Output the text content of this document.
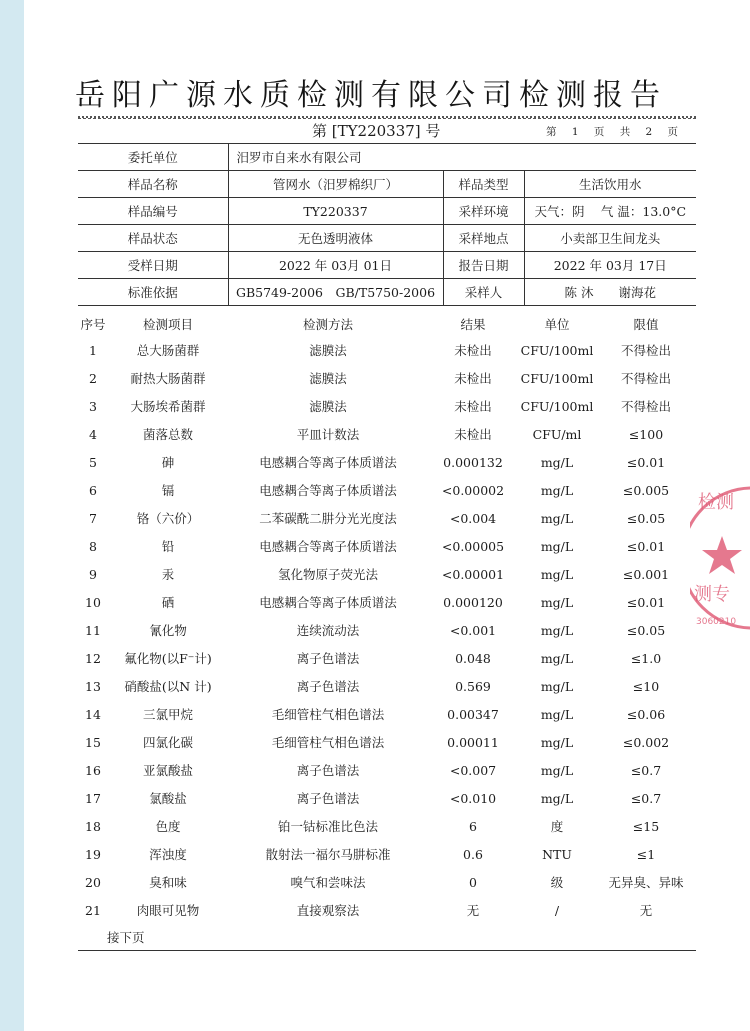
岳阳广源水质检测有限公司检测报告
第 [TY220337] 号	第 1 页 共 2 页
委托单位	汨罗市自来水有限公司		
样品名称	管网水（汨罗棉织厂）	样品类型	生活饮用水
样品编号	TY220337	采样环境	天气：阴　 气 温：13.0°C
样品状态	无色透明液体	采样地点	小卖部卫生间龙头
受样日期	2022 年 03月 01日	报告日期	2022 年 03月 17日
标准依据	GB5749-2006　GB/T5750-2006	采样人	陈 沐　　谢海花
序号	检测项目	检测方法	结果	单位	限值
1	总大肠菌群	滤膜法	未检出	CFU/100ml	不得检出
2	耐热大肠菌群	滤膜法	未检出	CFU/100ml	不得检出
3	大肠埃希菌群	滤膜法	未检出	CFU/100ml	不得检出
4	菌落总数	平皿计数法	未检出	CFU/ml	≤100
5	砷	电感耦合等离子体质谱法	0.000132	mg/L	≤0.01
6	镉	电感耦合等离子体质谱法	<0.00002	mg/L	≤0.005
7	铬（六价）	二苯碳酰二肼分光光度法	<0.004	mg/L	≤0.05
8	铅	电感耦合等离子体质谱法	<0.00005	mg/L	≤0.01
9	汞	氢化物原子荧光法	<0.00001	mg/L	≤0.001
10	硒	电感耦合等离子体质谱法	0.000120	mg/L	≤0.01
11	氰化物	连续流动法	<0.001	mg/L	≤0.05
12	氟化物(以F⁻计)	离子色谱法	0.048	mg/L	≤1.0
13	硝酸盐(以N 计)	离子色谱法	0.569	mg/L	≤10
14	三氯甲烷	毛细管柱气相色谱法	0.00347	mg/L	≤0.06
15	四氯化碳	毛细管柱气相色谱法	0.00011	mg/L	≤0.002
16	亚氯酸盐	离子色谱法	<0.007	mg/L	≤0.7
17	氯酸盐	离子色谱法	<0.010	mg/L	≤0.7
18	色度	铂一钴标准比色法	6	度	≤15
19	浑浊度	散射法一福尔马肼标准	0.6	NTU	≤1
20	臭和味	嗅气和尝味法	0	级	无异臭、异味
21	肉眼可见物	直接观察法	无	/	无
接下页
检测
测专
3060210
